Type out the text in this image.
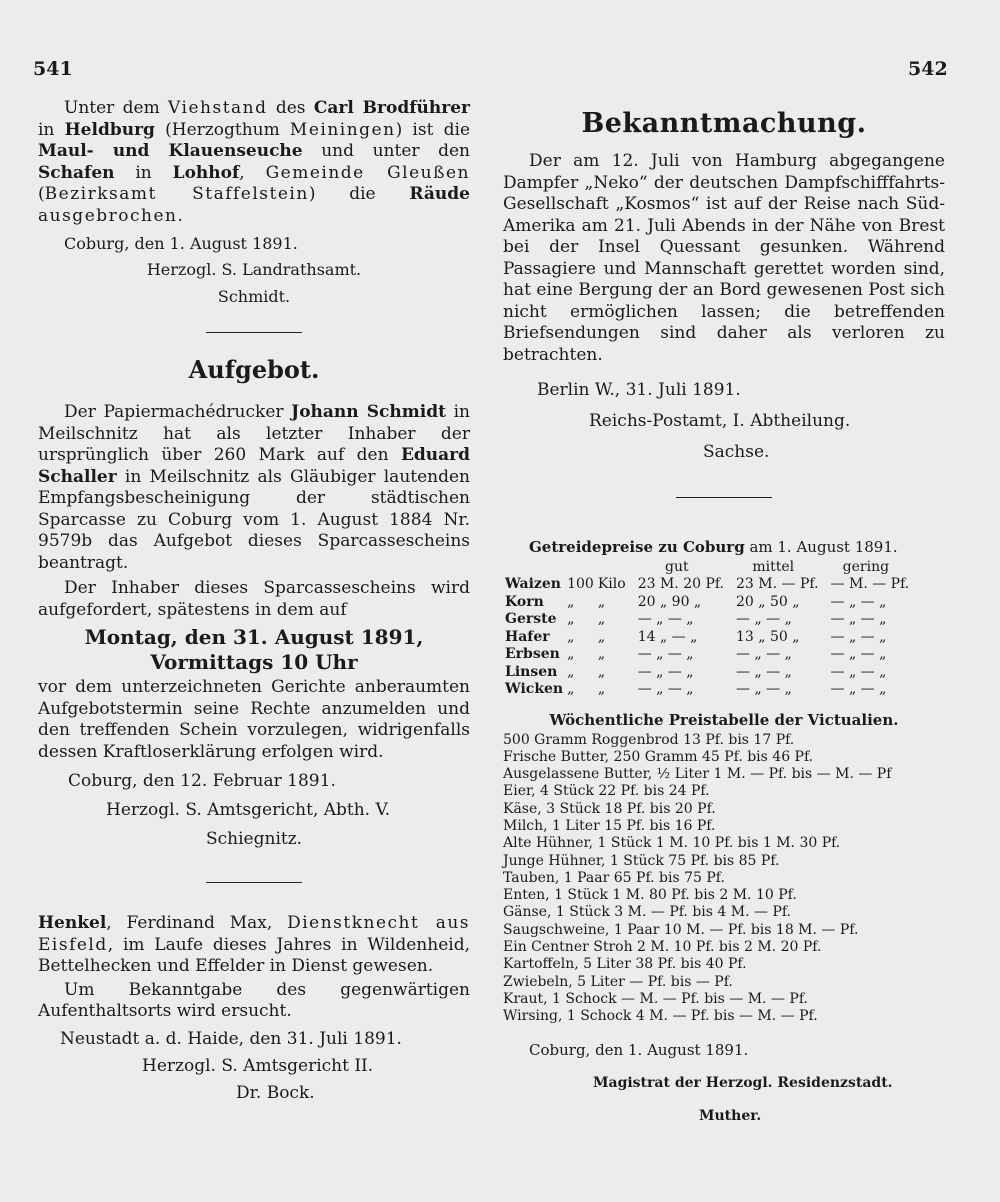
541	542

Unter dem Viehstand des Carl Brodführer in Heldburg (Herzogthum Meiningen) ist die Maul- und Klauenseuche und unter den Schafen in Lohhof, Gemeinde Gleußen (Bezirksamt Staffelstein) die Räude ausgebrochen.

Coburg, den 1. August 1891.

Herzogl. S. Landrathsamt.

Schmidt.

Aufgebot.

Der Papiermachédrucker Johann Schmidt in Meilschnitz hat als letzter Inhaber der ursprünglich über 260 Mark auf den Eduard Schaller in Meilschnitz als Gläubiger lautenden Empfangsbescheinigung der städtischen Sparcasse zu Coburg vom 1. August 1884 Nr. 9579b das Aufgebot dieses Sparcassescheins beantragt.

Der Inhaber dieses Sparcassescheins wird aufgefordert, spätestens in dem auf

Montag, den 31. August 1891,

Vormittags 10 Uhr

vor dem unterzeichneten Gerichte anberaumten Aufgebotstermin seine Rechte anzumelden und den treffenden Schein vorzulegen, widrigenfalls dessen Kraftloserklärung erfolgen wird.

Coburg, den 12. Februar 1891.

Herzogl. S. Amtsgericht, Abth. V.

Schiegnitz.

Henkel, Ferdinand Max, Dienstknecht aus Eisfeld, im Laufe dieses Jahres in Wildenheid, Bettelhecken und Effelder in Dienst gewesen.

Um Bekanntgabe des gegenwärtigen Aufenthaltsorts wird ersucht.

Neustadt a. d. Haide, den 31. Juli 1891.

Herzogl. S. Amtsgericht II.

Dr. Bock.

Bekanntmachung.

Der am 12. Juli von Hamburg abgegangene Dampfer „Neko“ der deutschen Dampfschifffahrts-Gesellschaft „Kosmos“ ist auf der Reise nach Süd-Amerika am 21. Juli Abends in der Nähe von Brest bei der Insel Quessant gesunken. Während Passagiere und Mannschaft gerettet worden sind, hat eine Bergung der an Bord gewesenen Post sich nicht ermöglichen lassen; die betreffenden Briefsendungen sind daher als verloren zu betrachten.

Berlin W., 31. Juli 1891.

Reichs-Postamt, I. Abtheilung.

Sachse.

Getreidepreise zu Coburg am 1. August 1891.

			gut	mittel	gering
Waizen	100	Kilo	23 M. 20 Pf.	23 M. — Pf.	— M. — Pf.
Korn	„	„	20 „ 90 „	20 „ 50 „	— „ — „
Gerste	„	„	— „ — „	— „ — „	— „ — „
Hafer	„	„	14 „ — „	13 „ 50 „	— „ — „
Erbsen	„	„	— „ — „	— „ — „	— „ — „
Linsen	„	„	— „ — „	— „ — „	— „ — „
Wicken	„	„	— „ — „	— „ — „	— „ — „

Wöchentliche Preistabelle der Victualien.

500 Gramm Roggenbrod 13 Pf. bis 17 Pf.

Frische Butter, 250 Gramm 45 Pf. bis 46 Pf.

Ausgelassene Butter, ½ Liter 1 M. — Pf. bis — M. — Pf

Eier, 4 Stück 22 Pf. bis 24 Pf.

Käse, 3 Stück 18 Pf. bis 20 Pf.

Milch, 1 Liter 15 Pf. bis 16 Pf.

Alte Hühner, 1 Stück 1 M. 10 Pf. bis 1 M. 30 Pf.

Junge Hühner, 1 Stück 75 Pf. bis 85 Pf.

Tauben, 1 Paar 65 Pf. bis 75 Pf.

Enten, 1 Stück 1 M. 80 Pf. bis 2 M. 10 Pf.

Gänse, 1 Stück 3 M. — Pf. bis 4 M. — Pf.

Saugschweine, 1 Paar 10 M. — Pf. bis 18 M. — Pf.

Ein Centner Stroh 2 M. 10 Pf. bis 2 M. 20 Pf.

Kartoffeln, 5 Liter 38 Pf. bis 40 Pf.

Zwiebeln, 5 Liter — Pf. bis — Pf.

Kraut, 1 Schock — M. — Pf. bis — M. — Pf.

Wirsing, 1 Schock 4 M. — Pf. bis — M. — Pf.

Coburg, den 1. August 1891.

Magistrat der Herzogl. Residenzstadt.

Muther.
